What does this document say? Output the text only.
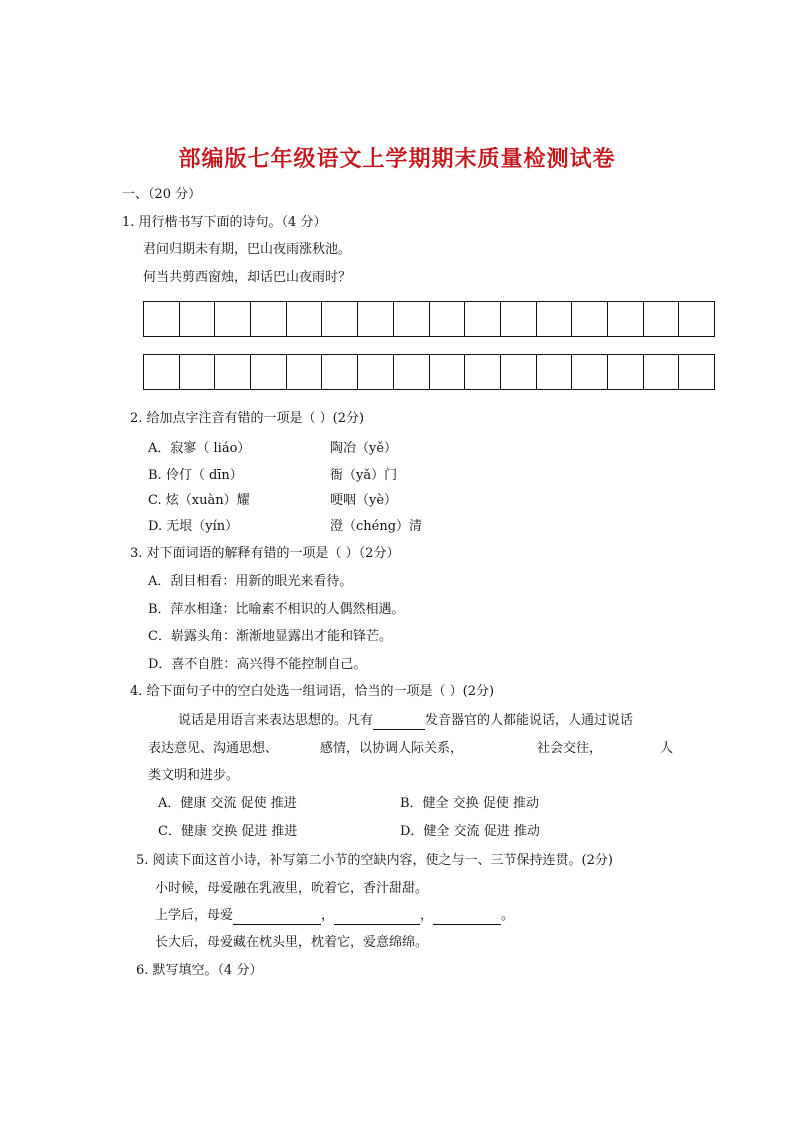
部编版七年级语文上学期期末质量检测试卷
一、（20 分）
1. 用行楷书写下面的诗句。（4 分）
君问归期未有期，巴山夜雨涨秋池。
何当共剪西窗烛，却话巴山夜雨时？
2. 给加点字注音有错的一项是（ ）(2分)
A．寂寥（ liáo）	陶冶（yě）
B. 伶仃（ dīn）	衙（yǎ）门
C. 炫（xuàn）耀	哽咽（yè）
D. 无垠（yín）	澄（chéng）清
3. 对下面词语的解释有错的一项是（ ）（2分）
A．刮目相看：用新的眼光来看待。
B．萍水相逢：比喻素不相识的人偶然相遇。
C．崭露头角：渐渐地显露出才能和锋芒。
D．喜不自胜：高兴得不能控制自己。
4. 给下面句子中的空白处选一组词语，恰当的一项是（ ）(2分)
说话是用语言来表达思想的。凡有	发音器官的人都能说话，人通过说话
表达意见、沟通思想、	感情，以协调人际关系，	社会交往，	人
类文明和进步。
A．健康 交流 促使 推进	B．健全 交换 促使 推动
C．健康 交换 促进 推进	D．健全 交流 促进 推动
5. 阅读下面这首小诗，补写第二小节的空缺内容，使之与一、三节保持连贯。(2分)
小时候，母爱融在乳液里，吮着它，香汁甜甜。
上学后，母爱	，	，	。
长大后，母爱藏在枕头里，枕着它，爱意绵绵。
6. 默写填空。（4 分）
